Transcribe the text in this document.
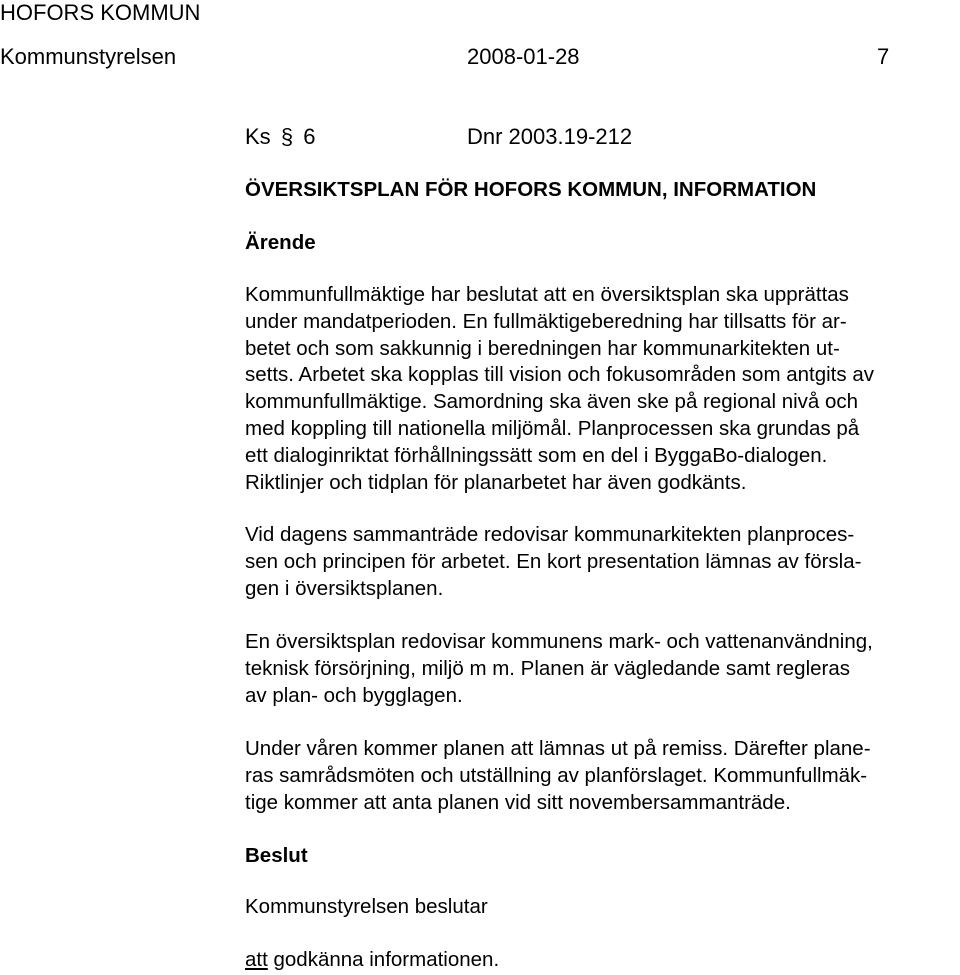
HOFORS KOMMUN
Kommunstyrelsen	2008-01-28	7
Ks § 6	Dnr 2003.19-212
ÖVERSIKTSPLAN FÖR HOFORS KOMMUN, INFORMATION
Ärende
Kommunfullmäktige har beslutat att en översiktsplan ska upprättas
under mandatperioden. En fullmäktigeberedning har tillsatts för ar-
betet och som sakkunnig i beredningen har kommunarkitekten ut-
setts. Arbetet ska kopplas till vision och fokusområden som antgits av
kommunfullmäktige. Samordning ska även ske på regional nivå och
med koppling till nationella miljömål. Planprocessen ska grundas på
ett dialoginriktat förhållningssätt som en del i ByggaBo-dialogen.
Riktlinjer och tidplan för planarbetet har även godkänts.
Vid dagens sammanträde redovisar kommunarkitekten planproces-
sen och principen för arbetet. En kort presentation lämnas av försla-
gen i översiktsplanen.
En översiktsplan redovisar kommunens mark- och vattenanvändning,
teknisk försörjning, miljö m m. Planen är vägledande samt regleras
av plan- och bygglagen.
Under våren kommer planen att lämnas ut på remiss. Därefter plane-
ras samrådsmöten och utställning av planförslaget. Kommunfullmäk-
tige kommer att anta planen vid sitt novembersammanträde.
Beslut
Kommunstyrelsen beslutar
att godkänna informationen.
